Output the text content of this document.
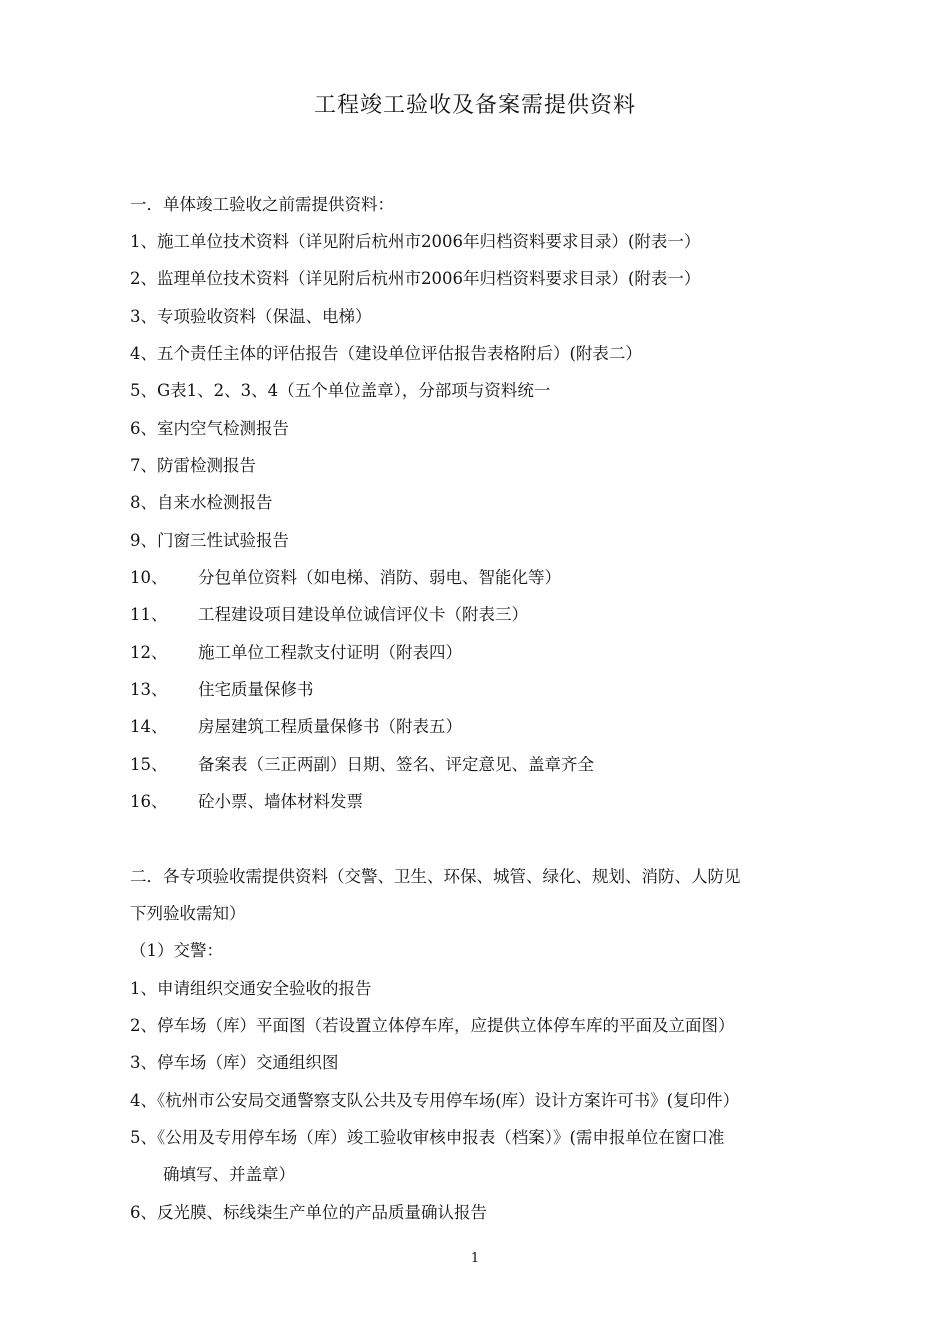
工程竣工验收及备案需提供资料
一．单体竣工验收之前需提供资料：
1、施工单位技术资料（详见附后杭州市2006年归档资料要求目录）(附表一）
2、监理单位技术资料（详见附后杭州市2006年归档资料要求目录）(附表一）
3、专项验收资料（保温、电梯）
4、五个责任主体的评估报告（建设单位评估报告表格附后）(附表二）
5、G表1、2、3、4（五个单位盖章），分部项与资料统一
6、室内空气检测报告
7、防雷检测报告
8、自来水检测报告
9、门窗三性试验报告
10、 分包单位资料（如电梯、消防、弱电、智能化等）
11、 工程建设项目建设单位诚信评仪卡（附表三）
12、 施工单位工程款支付证明（附表四）
13、 住宅质量保修书
14、 房屋建筑工程质量保修书（附表五）
15、 备案表（三正两副）日期、签名、评定意见、盖章齐全
16、 砼小票、墙体材料发票
二．各专项验收需提供资料（交警、卫生、环保、城管、绿化、规划、消防、人防见
下列验收需知）
（1）交警：
1、申请组织交通安全验收的报告
2、停车场（库）平面图（若设置立体停车库，应提供立体停车库的平面及立面图）
3、停车场（库）交通组织图
4、《杭州市公安局交通警察支队公共及专用停车场(库）设计方案许可书》(复印件）
5、《公用及专用停车场（库）竣工验收审核申报表（档案）》(需申报单位在窗口准
确填写、并盖章）
6、反光膜、标线柒生产单位的产品质量确认报告
1
